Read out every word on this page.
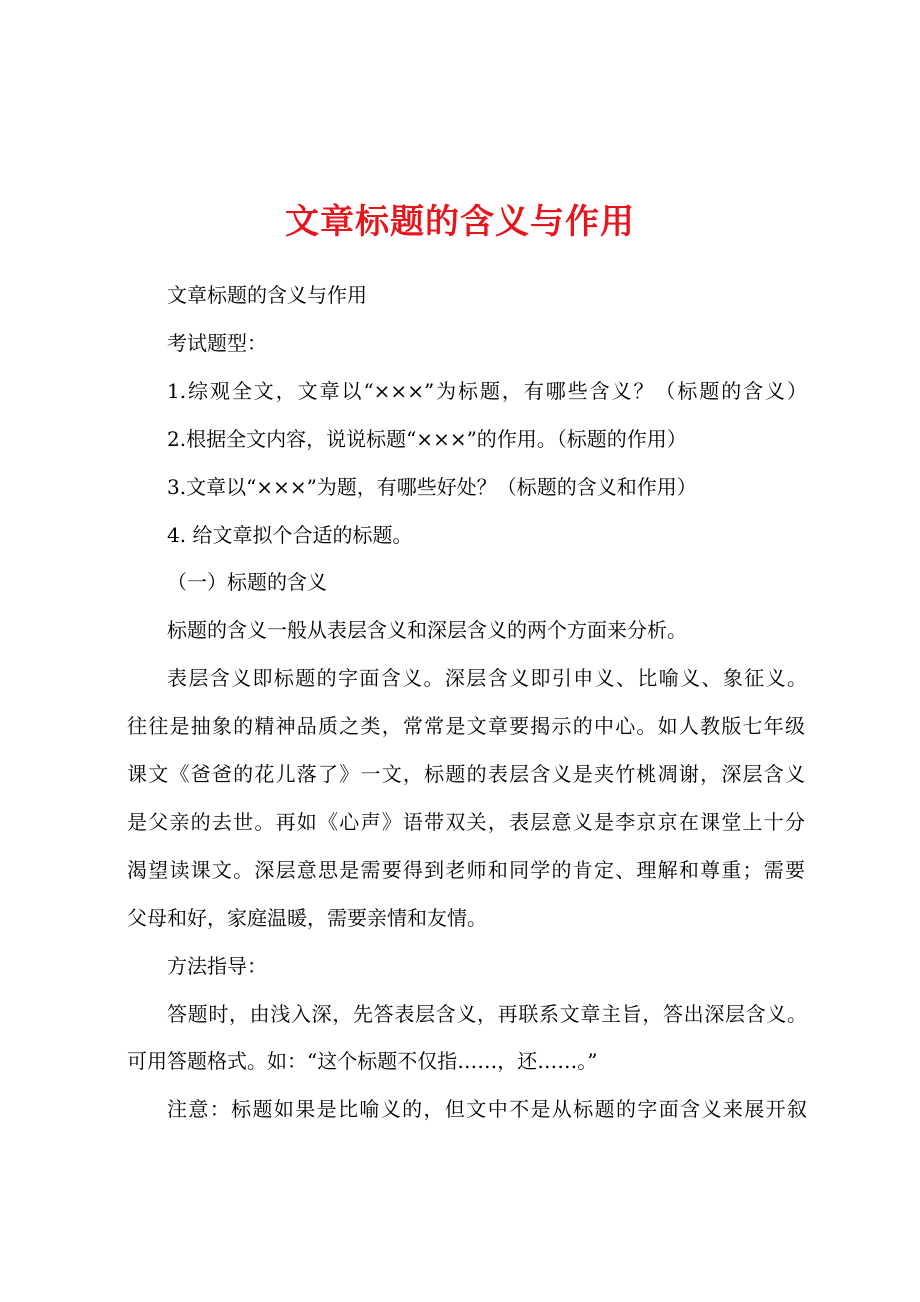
文章标题的含义与作用
文章标题的含义与作用
考试题型：
1.综观全文，文章以“×××”为标题，有哪些含义？（标题的含义）
2.根据全文内容，说说标题“×××”的作用。（标题的作用）
3.文章以“×××”为题，有哪些好处？（标题的含义和作用）
4. 给文章拟个合适的标题。
（一）标题的含义
标题的含义一般从表层含义和深层含义的两个方面来分析。
表层含义即标题的字面含义。深层含义即引申义、比喻义、象征义。
往往是抽象的精神品质之类，常常是文章要揭示的中心。如人教版七年级
课文《爸爸的花儿落了》一文，标题的表层含义是夹竹桃凋谢，深层含义
是父亲的去世。再如《心声》语带双关，表层意义是李京京在课堂上十分
渴望读课文。深层意思是需要得到老师和同学的肯定、理解和尊重；需要
父母和好，家庭温暖，需要亲情和友情。
方法指导：
答题时，由浅入深，先答表层含义，再联系文章主旨，答出深层含义。
可用答题格式。如：“这个标题不仅指……，还……。”
注意：标题如果是比喻义的，但文中不是从标题的字面含义来展开叙
